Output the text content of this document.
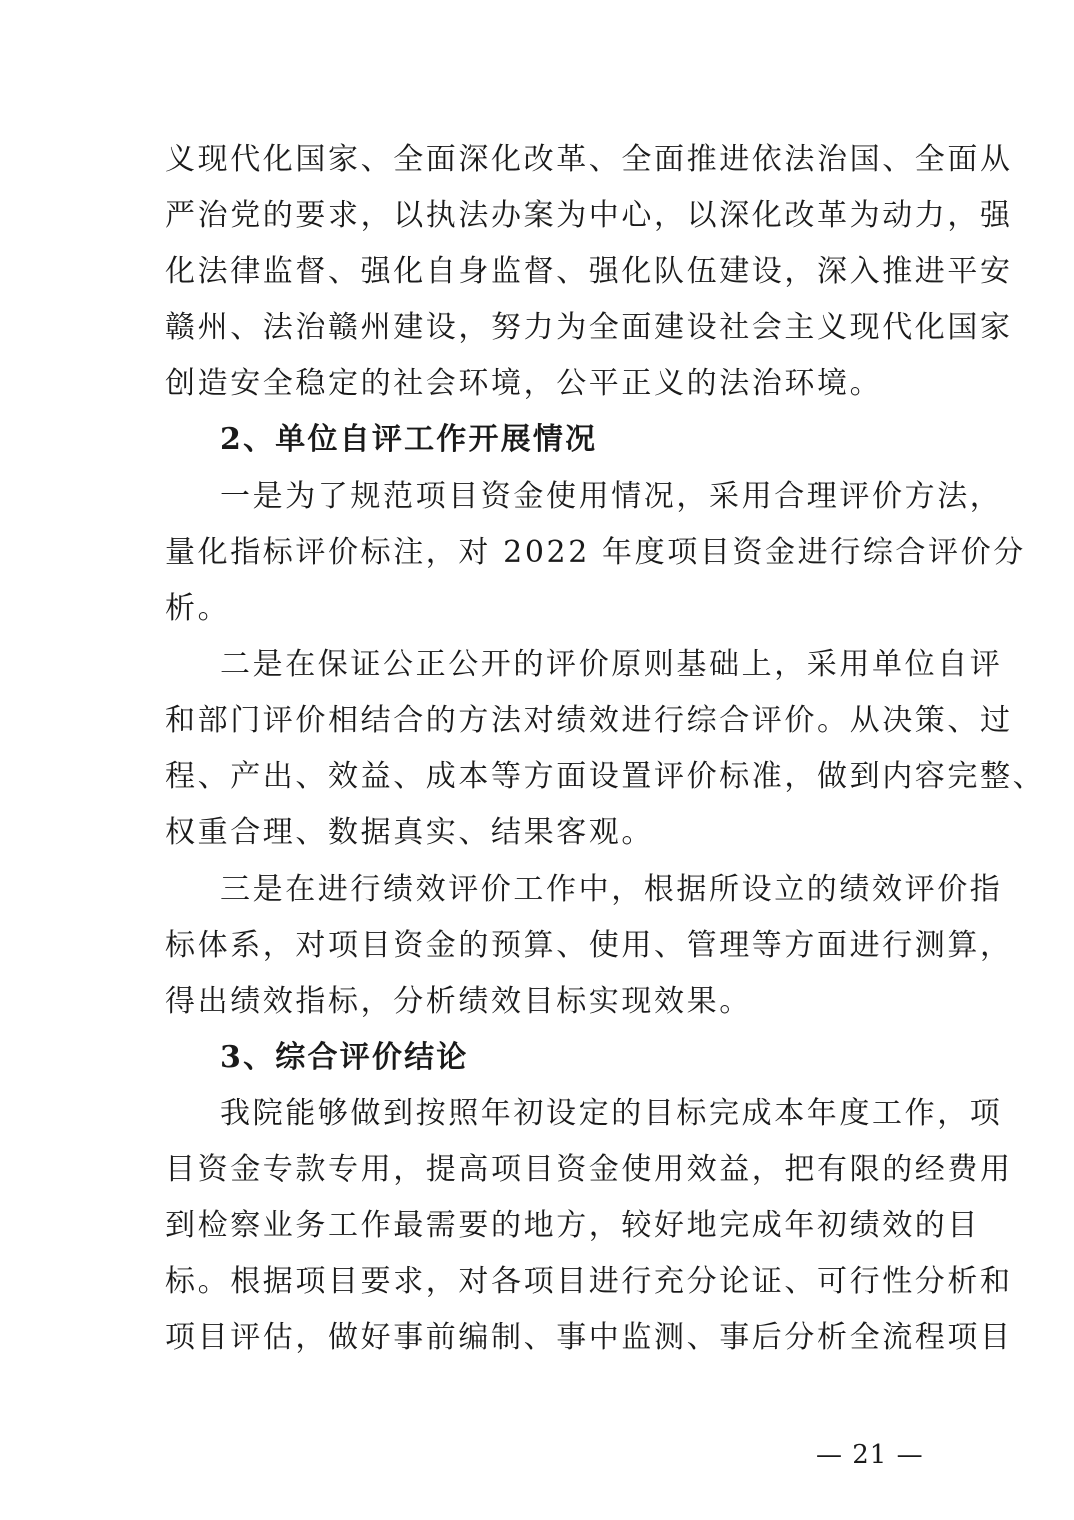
义现代化国家、全面深化改革、全面推进依法治国、全面从
严治党的要求，以执法办案为中心，以深化改革为动力，强
化法律监督、强化自身监督、强化队伍建设，深入推进平安
赣州、法治赣州建设，努力为全面建设社会主义现代化国家
创造安全稳定的社会环境，公平正义的法治环境。
2、单位自评工作开展情况
一是为了规范项目资金使用情况，采用合理评价方法，
量化指标评价标注，对 2022 年度项目资金进行综合评价分
析。
二是在保证公正公开的评价原则基础上，采用单位自评
和部门评价相结合的方法对绩效进行综合评价。从决策、过
程、产出、效益、成本等方面设置评价标准，做到内容完整、
权重合理、数据真实、结果客观。
三是在进行绩效评价工作中，根据所设立的绩效评价指
标体系，对项目资金的预算、使用、管理等方面进行测算，
得出绩效指标，分析绩效目标实现效果。
3、综合评价结论
我院能够做到按照年初设定的目标完成本年度工作，项
目资金专款专用，提高项目资金使用效益，把有限的经费用
到检察业务工作最需要的地方，较好地完成年初绩效的目
标。根据项目要求，对各项目进行充分论证、可行性分析和
项目评估，做好事前编制、事中监测、事后分析全流程项目
— 21 —
